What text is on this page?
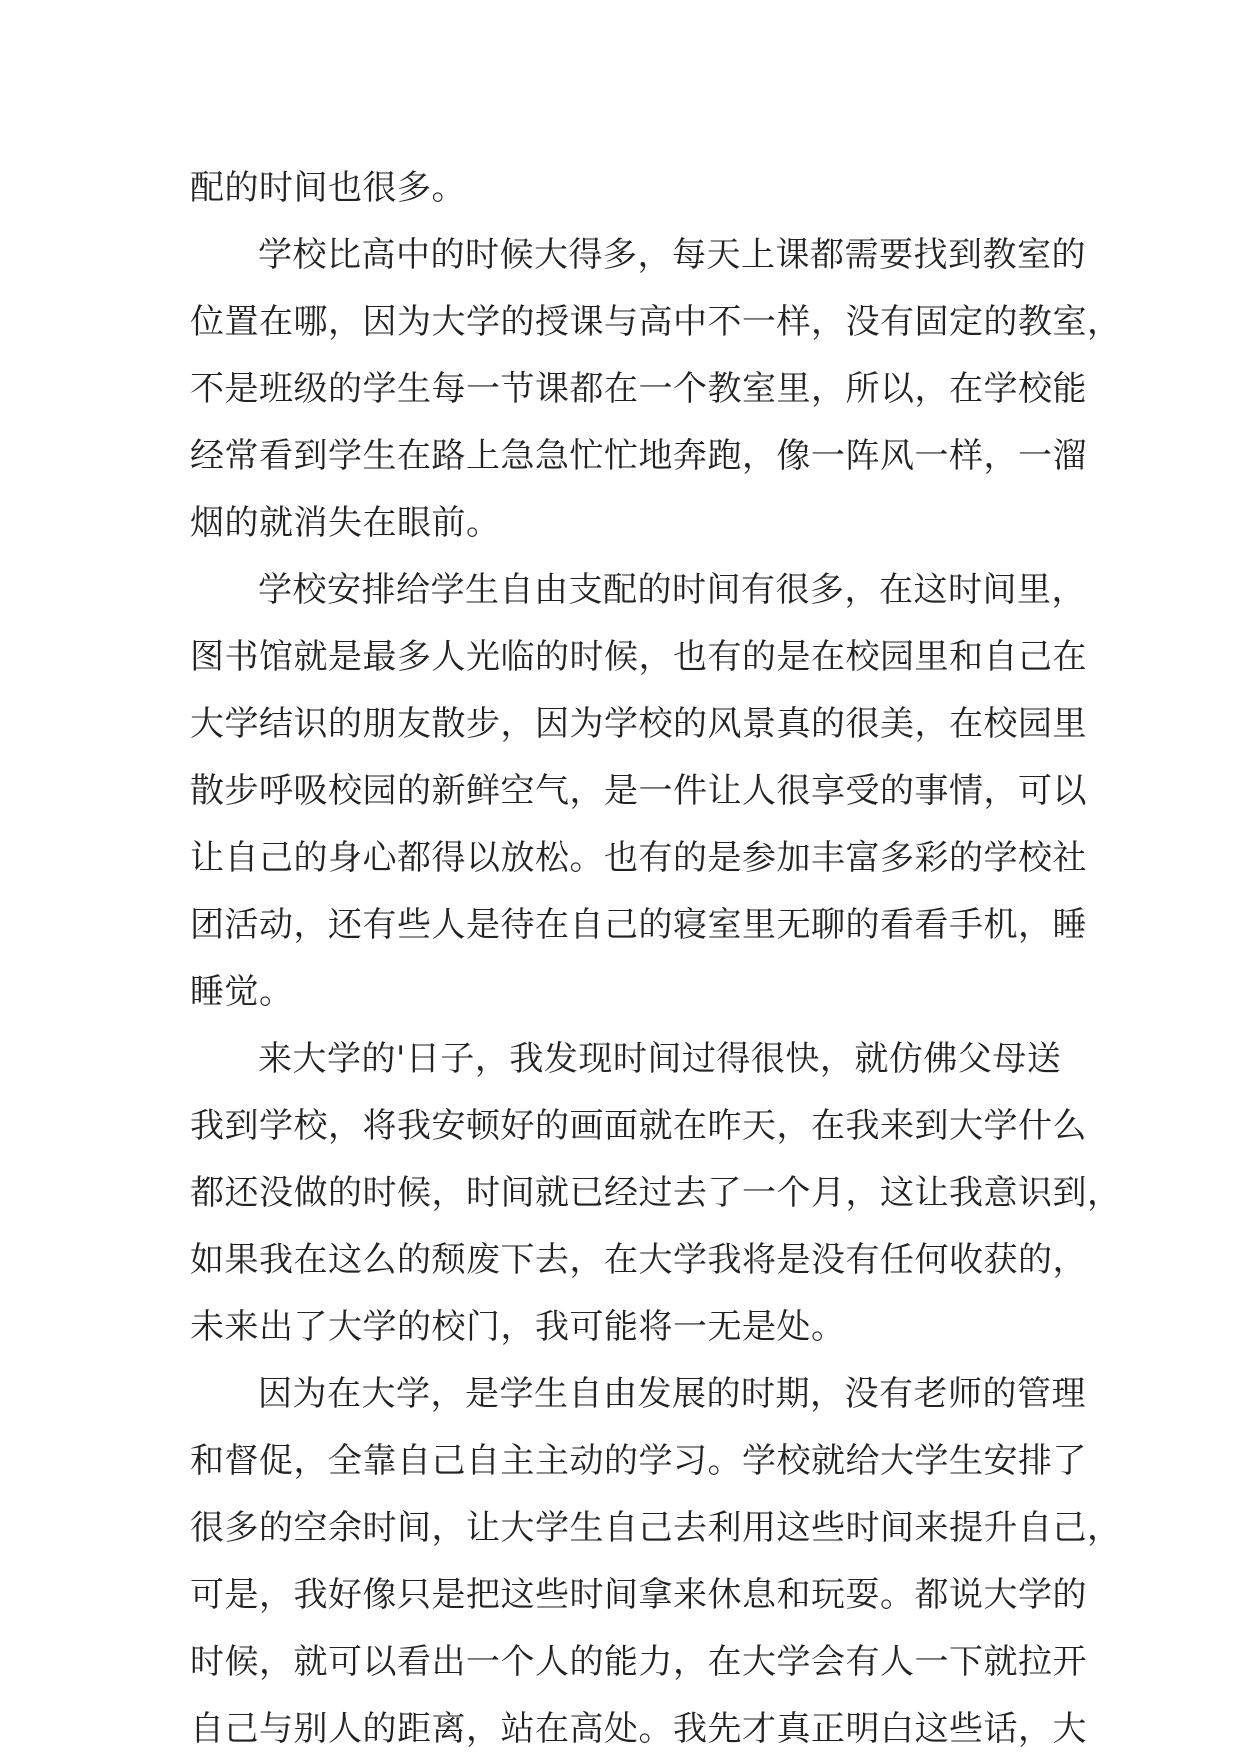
配的时间也很多。
学校比高中的时候大得多，每天上课都需要找到教室的
位置在哪，因为大学的授课与高中不一样，没有固定的教室，
不是班级的学生每一节课都在一个教室里，所以，在学校能
经常看到学生在路上急急忙忙地奔跑，像一阵风一样，一溜
烟的就消失在眼前。
学校安排给学生自由支配的时间有很多，在这时间里，
图书馆就是最多人光临的时候，也有的是在校园里和自己在
大学结识的朋友散步，因为学校的风景真的很美，在校园里
散步呼吸校园的新鲜空气，是一件让人很享受的事情，可以
让自己的身心都得以放松。也有的是参加丰富多彩的学校社
团活动，还有些人是待在自己的寝室里无聊的看看手机，睡
睡觉。
来大学的'日子，我发现时间过得很快，就仿佛父母送
我到学校，将我安顿好的画面就在昨天，在我来到大学什么
都还没做的时候，时间就已经过去了一个月，这让我意识到，
如果我在这么的颓废下去，在大学我将是没有任何收获的，
未来出了大学的校门，我可能将一无是处。
因为在大学，是学生自由发展的时期，没有老师的管理
和督促，全靠自己自主主动的学习。学校就给大学生安排了
很多的空余时间，让大学生自己去利用这些时间来提升自己，
可是，我好像只是把这些时间拿来休息和玩耍。都说大学的
时候，就可以看出一个人的能力，在大学会有人一下就拉开
自己与别人的距离，站在高处。我先才真正明白这些话，大
